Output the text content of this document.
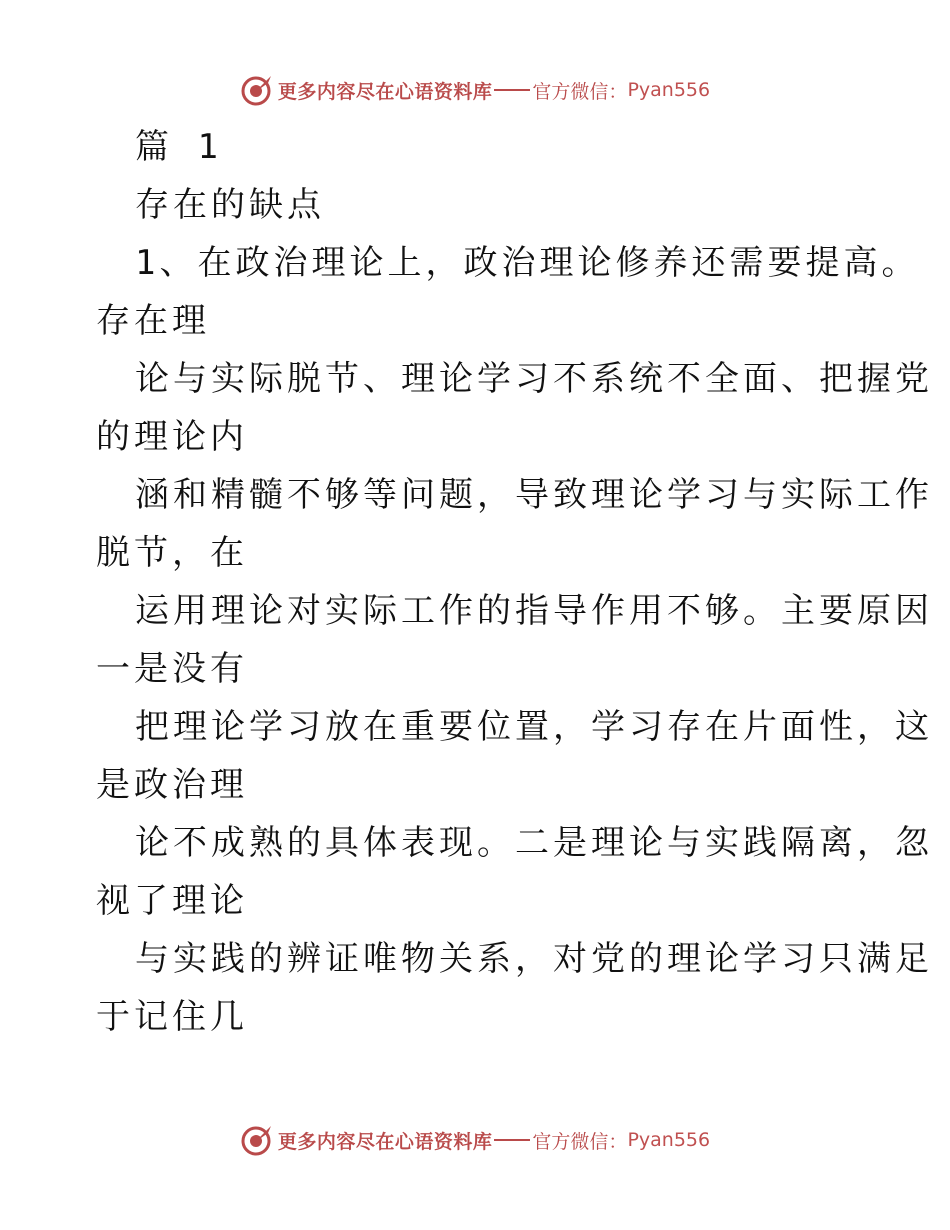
更多内容尽在心语资料库 官方微信： Pyan556
篇 1
存在的缺点
1、在政治理论上，政治理论修养还需要提高。
存在理
论与实际脱节、理论学习不系统不全面、把握党
的理论内
涵和精髓不够等问题，导致理论学习与实际工作
脱节，在
运用理论对实际工作的指导作用不够。主要原因
一是没有
把理论学习放在重要位置，学习存在片面性，这
是政治理
论不成熟的具体表现。二是理论与实践隔离，忽
视了理论
与实践的辨证唯物关系，对党的理论学习只满足
于记住几
更多内容尽在心语资料库 官方微信： Pyan556
